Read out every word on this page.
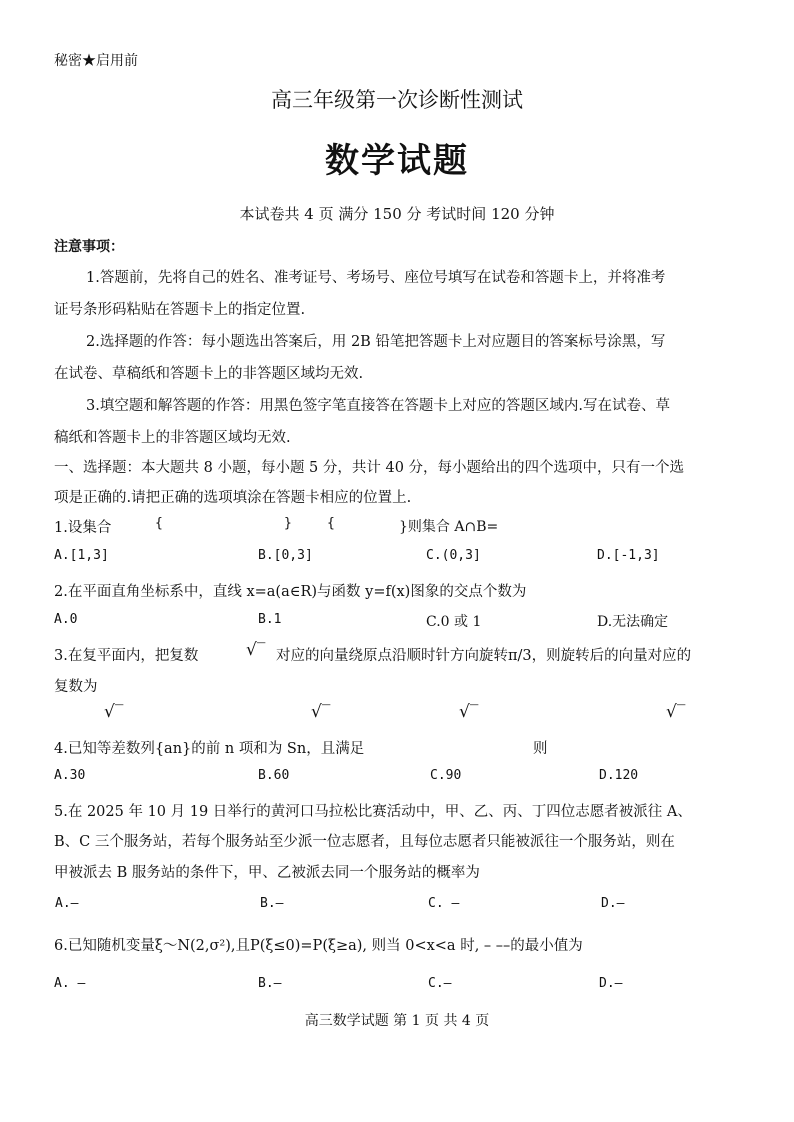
秘密★启用前
高三年级第一次诊断性测试
数学试题
本试卷共 4 页 满分 150 分 考试时间 120 分钟
注意事项：
1.答题前，先将自己的姓名、准考证号、考场号、座位号填写在试卷和答题卡上，并将准考
证号条形码粘贴在答题卡上的指定位置.
2.选择题的作答：每小题选出答案后，用 2B 铅笔把答题卡上对应题目的答案标号涂黑，写
在试卷、草稿纸和答题卡上的非答题区域均无效.
3.填空题和解答题的作答：用黑色签字笔直接答在答题卡上对应的答题区域内.写在试卷、草
稿纸和答题卡上的非答题区域均无效.
一、选择题：本大题共 8 小题，每小题 5 分，共计 40 分，每小题给出的四个选项中，只有一个选
项是正确的.请把正确的选项填涂在答题卡相应的位置上.
1.设集合	{	}	{	}则集合 A∩B=
A.[1,3]	B.[0,3]	C.(0,3]	D.[-1,3]
2.在平面直角坐标系中，直线 x=a(a∈R)与函数 y=f(x)图象的交点个数为
A.0	B.1	C.0 或 1	D.无法确定
3.在复平面内，把复数	√‾ 对应的向量绕原点沿顺时针方向旋转π/3，则旋转后的向量对应的
复数为
√‾	√‾	√‾	√‾
4.已知等差数列{an}的前 n 项和为 Sn，且满足	则
A.30	B.60	C.90	D.120
5.在 2025 年 10 月 19 日举行的黄河口马拉松比赛活动中，甲、乙、丙、丁四位志愿者被派往 A、
B、C 三个服务站，若每个服务站至少派一位志愿者，且每位志愿者只能被派往一个服务站，则在
甲被派去 B 服务站的条件下，甲、乙被派去同一个服务站的概率为
A.–	B.–	C. –	D.–
6.已知随机变量ξ～N(2,σ²),且P(ξ≤0)=P(ξ≥a), 则当 0<x<a 时, – ––的最小值为
A. –	B.–	C.–	D.–
高三数学试题 第 1 页 共 4 页
